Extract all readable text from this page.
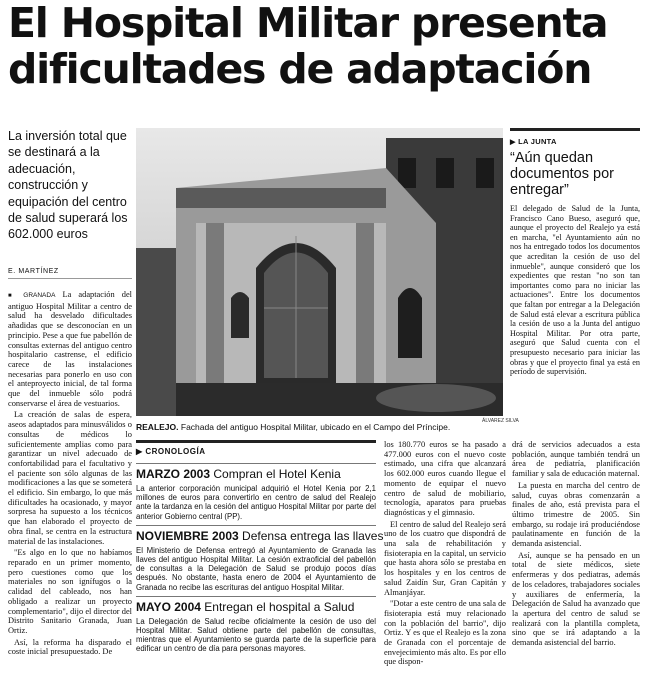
El Hospital Militar presenta
dificultades de adaptación
La inversión total que se destinará a la adecuación, construcción y equipación del centro de salud superará los 602.000 euros
E. MARTÍNEZ
ÁLVAREZ SILVA
REALEJO. Fachada del antiguo Hospital Militar, ubicado en el Campo del Príncipe.

■ GRANADA La adaptación del antiguo Hospital Militar a centro de salud ha desvelado dificultades añadidas que se desconocían en un principio. Pese a que fue pabellón de consultas externas del antiguo centro hospitalario castrense, el edificio carece de las instalaciones necesarias para ponerlo en uso con el anteproyecto inicial, de tal forma que del inmueble sólo podrá conservarse el área de vestuarios.

La creación de salas de espera, aseos adaptados para minusválidos o consultas de médicos lo suficientemente amplias como para garantizar un nivel adecuado de confortabilidad para el facultativo y el paciente son sólo algunas de las modificaciones a las que se someterá el edificio. Sin embargo, lo que más dificultades ha ocasionado, y mayor sorpresa ha supuesto a los técnicos que han elaborado el proyecto de obra final, se centra en la estructura material de las instalaciones.

"Es algo en lo que no habíamos reparado en un primer momento, pero cuestiones como que los materiales no son ignífugos o la calidad del cableado, nos han obligado a realizar un proyecto complementario", dijo el director del Distrito Sanitario Granada, Juan Ortiz.

Así, la reforma ha disparado el coste inicial presupuestado. De

▶ LA JUNTA
“Aún quedan documentos por entregar”
El delegado de Salud de la Junta, Francisco Cano Bueso, aseguró que, aunque el proyecto del Realejo ya está en marcha, "el Ayuntamiento aún no nos ha entregado todos los documentos que acreditan la cesión de uso del inmueble", aunque consideró que los expedientes que restan "no son tan importantes como para no iniciar las actuaciones". Entre los documentos que faltan por entregar a la Delegación de Salud está elevar a escritura pública la cesión de uso a la Junta del antiguo Hospital Militar. Por otra parte, aseguró que Salud cuenta con el presupuesto necesario para iniciar las obras y que el proyecto final ya está en período de supervisión.
▶ CRONOLOGÍA
MARZO 2003 Compran el Hotel Kenia
La anterior corporación municipal adquirió el Hotel Kenia por 2,1 millones de euros para convertirlo en centro de salud del Realejo ante la tardanza en la cesión del antiguo Hospital Militar por parte del anterior Gobierno central (PP).
NOVIEMBRE 2003 Defensa entrega las llaves
El Ministerio de Defensa entregó al Ayuntamiento de Granada las llaves del antiguo Hospital Militar. La cesión extraoficial del pabellón de consultas a la Delegación de Salud se produjo pocos días después. No obstante, hasta enero de 2004 el Ayuntamiento de Granada no recibe las escrituras del antiguo Hospital Militar.
MAYO 2004 Entregan el hospital a Salud
La Delegación de Salud recibe oficialmente la cesión de uso del Hospital Militar. Salud obtiene parte del pabellón de consultas, mientras que el Ayuntamiento se guarda parte de la superficie para edificar un centro de día para personas mayores.

los 180.770 euros se ha pasado a 477.000 euros con el nuevo coste estimado, una cifra que alcanzará los 602.000 euros cuando llegue el momento de equipar el nuevo centro de salud de mobiliario, tecnología, aparatos para pruebas diagnósticas y el gimnasio.

El centro de salud del Realejo será uno de los cuatro que dispondrá de una sala de rehabilitación y fisioterapia en la capital, un servicio que hasta ahora sólo se prestaba en los hospitales y en los centros de salud Zaidín Sur, Gran Capitán y Almanjáyar.

"Dotar a este centro de una sala de fisioterapia está muy relacionado con la población del barrio", dijo Ortiz. Y es que el Realejo es la zona de Granada con el porcentaje de envejecimiento más alto. Es por ello que dispon-

drá de servicios adecuados a esta población, aunque también tendrá un área de pediatría, planificación familiar y sala de educación maternal.

La puesta en marcha del centro de salud, cuyas obras comenzarán a finales de año, está prevista para el último trimestre de 2005. Sin embargo, su rodaje irá produciéndose paulatinamente en función de la demanda asistencial.

Así, aunque se ha pensado en un total de siete médicos, siete enfermeras y dos pediatras, además de los celadores, trabajadores sociales y auxiliares de enfermería, la Delegación de Salud ha avanzado que la apertura del centro de salud se realizará con la plantilla completa, sino que se irá adaptando a la demanda asistencial del barrio.
